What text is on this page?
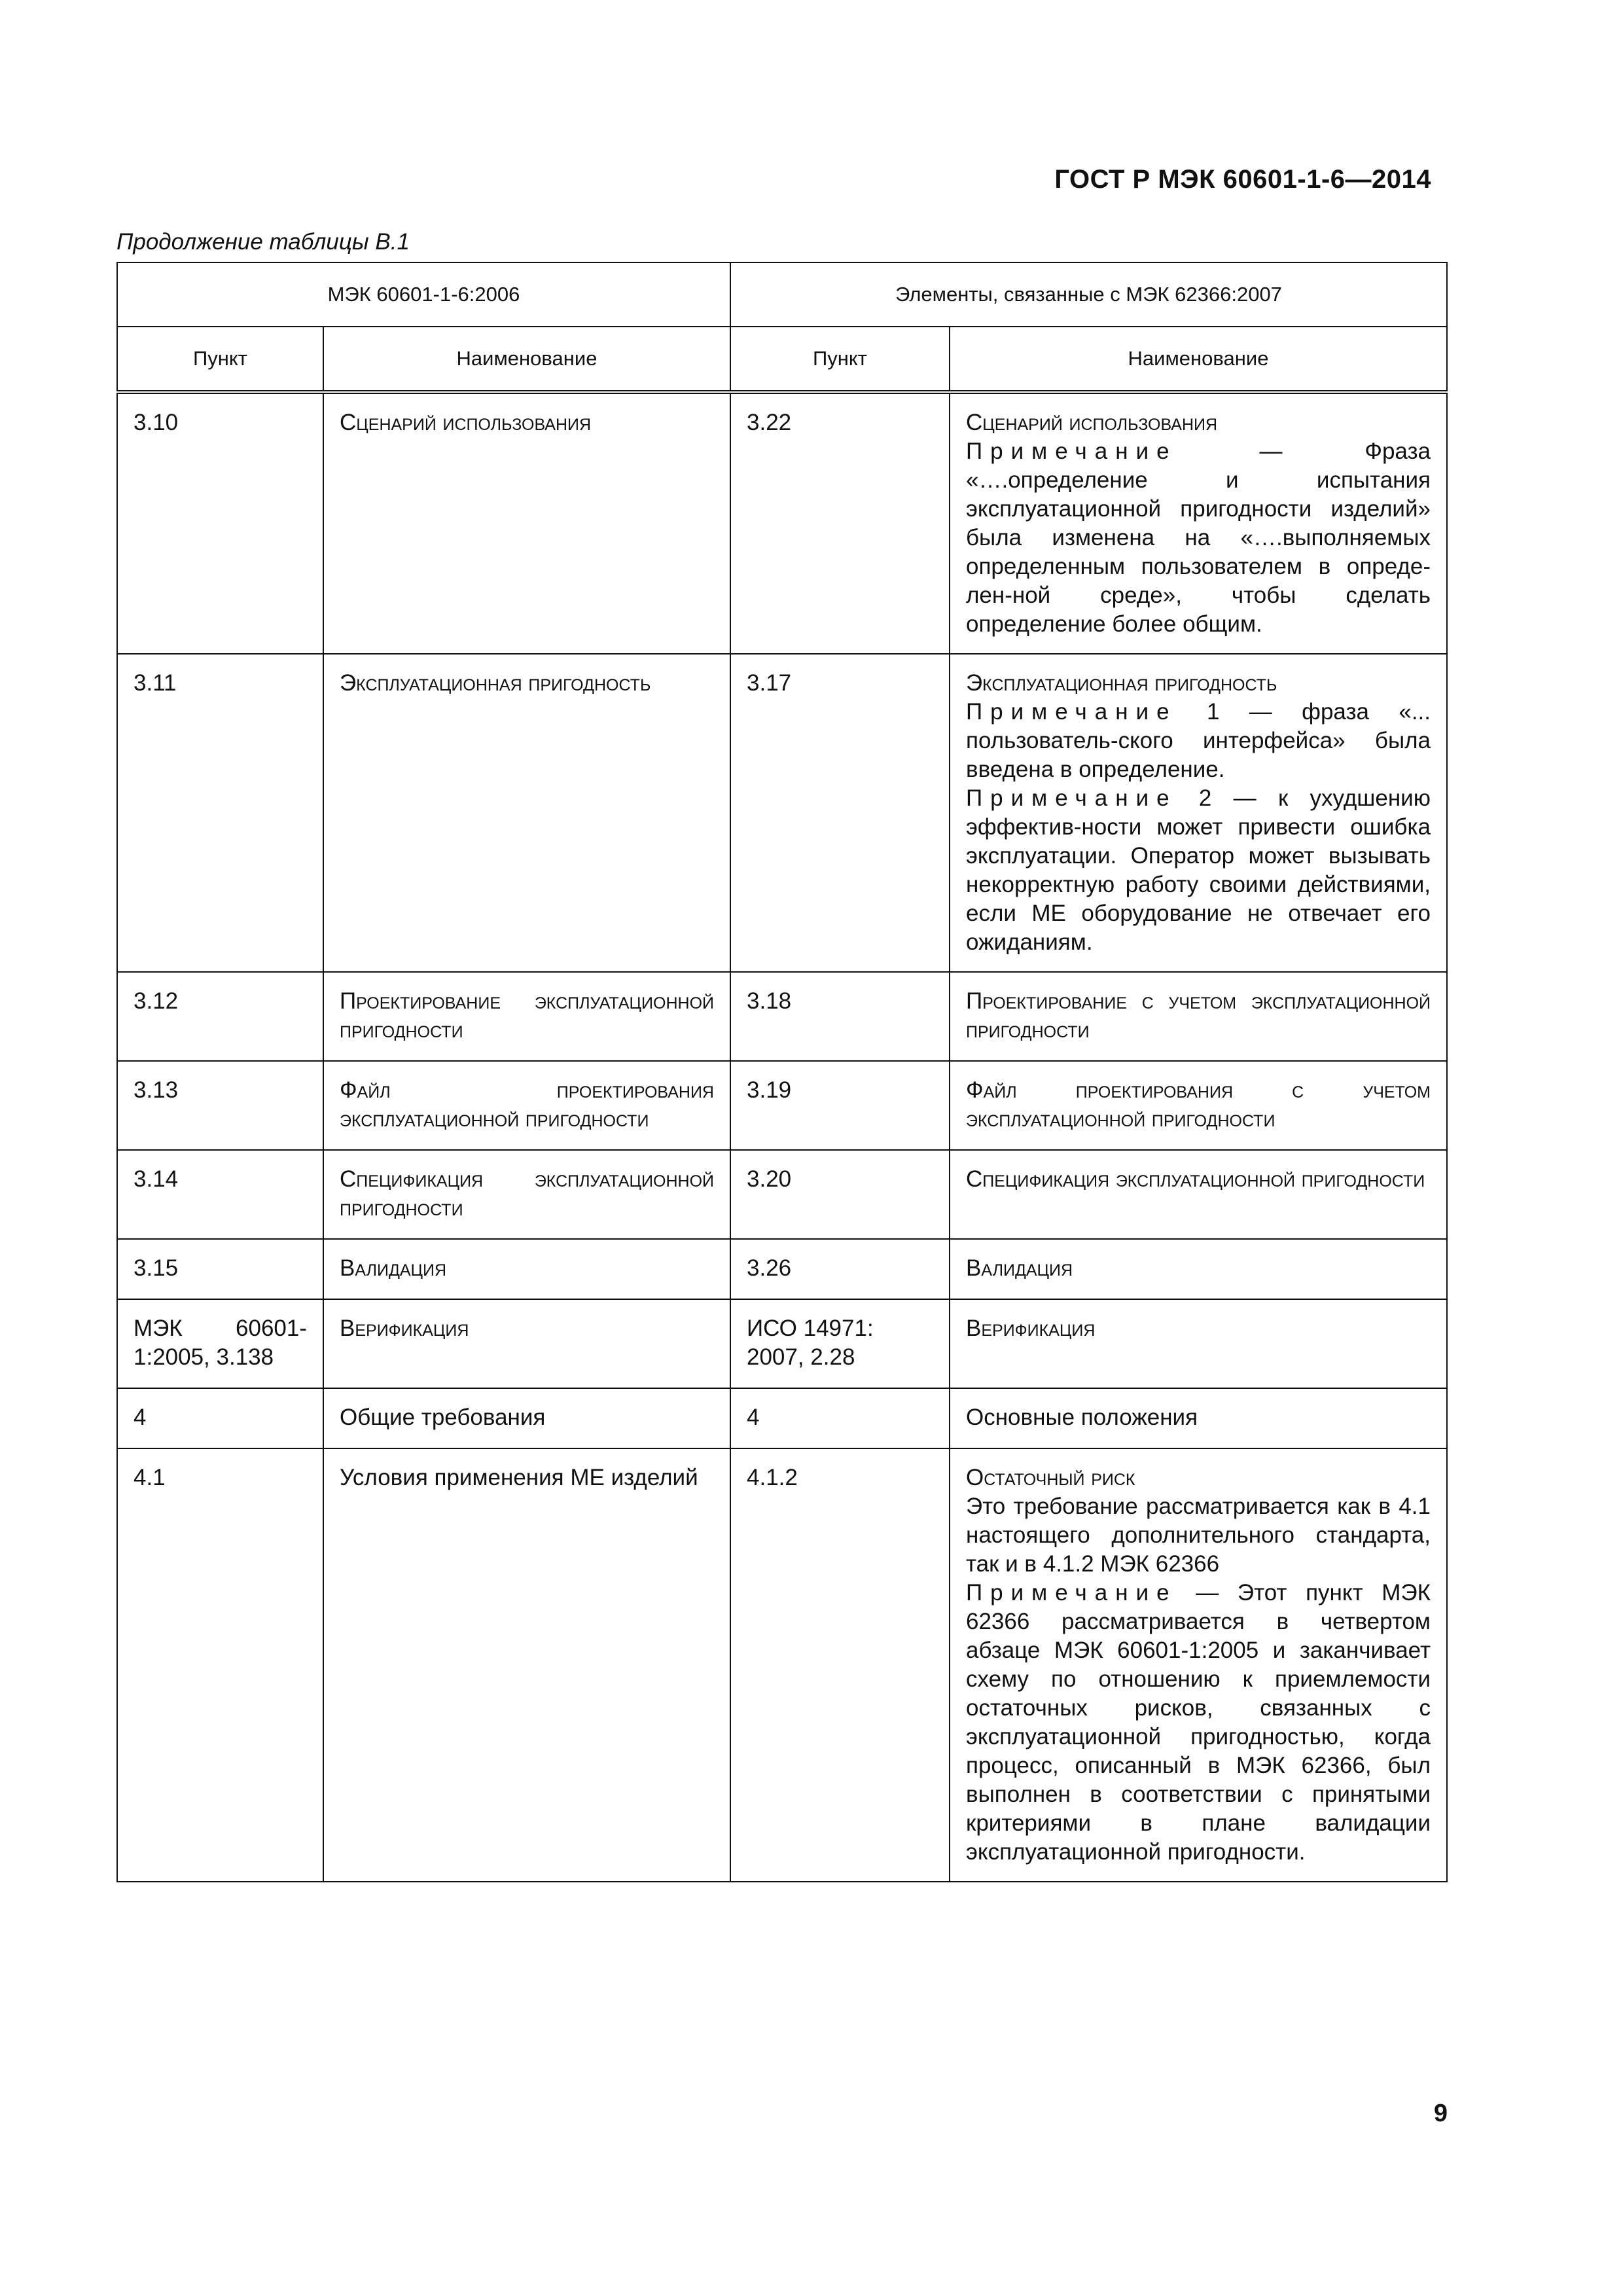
ГОСТ Р МЭК 60601-1-6—2014
Продолжение таблицы В.1
МЭК 60601-1-6:2006		Элементы, связанные с МЭК 62366:2007	
Пункт	Наименование	Пункт	Наименование
3.10	Сценарий использования	3.22	Сценарий использования
Примечание — Фраза «….определение и испытания эксплуатационной пригодности изделий» была изменена на «….выполняемых определенным пользователем в опреде-лен-ной среде», чтобы сделать определение более общим.
3.11	Эксплуатационная пригодность	3.17	Эксплуатационная пригодность
Примечание 1 — фраза «... пользователь-ского интерфейса» была введена в определение.
Примечание 2 — к ухудшению эффектив-ности может привести ошибка эксплуатации. Оператор может вызывать некорректную работу своими действиями, если МЕ оборудование не отвечает его ожиданиям.

3.12	Проектирование эксплуатационной пригодности	3.18	Проектирование с учетом эксплуатационной пригодности
3.13	Файл проектирования эксплуатационной пригодности	3.19	Файл проектирования с учетом эксплуатационной пригодности
3.14	Спецификация эксплуатационной пригодности	3.20	Спецификация эксплуатационной пригодности
3.15	Валидация	3.26	Валидация
МЭК 60601-1:2005, 3.138	Верификация	ИСО 14971: 2007, 2.28	Верификация
4	Общие требования	4	Основные положения
4.1	Условия применения МЕ изделий	4.1.2	Остаточный риск
Это требование рассматривается как в 4.1 настоящего дополнительного стандарта, так и в 4.1.2 МЭК 62366
Примечание — Этот пункт МЭК 62366 рассматривается в четвертом абзаце МЭК 60601-1:2005 и заканчивает схему по отношению к приемлемости остаточных рисков, связанных с эксплуатационной пригодностью, когда процесс, описанный в МЭК 62366, был выполнен в соответствии с принятыми критериями в плане валидации эксплуатационной пригодности.
9
